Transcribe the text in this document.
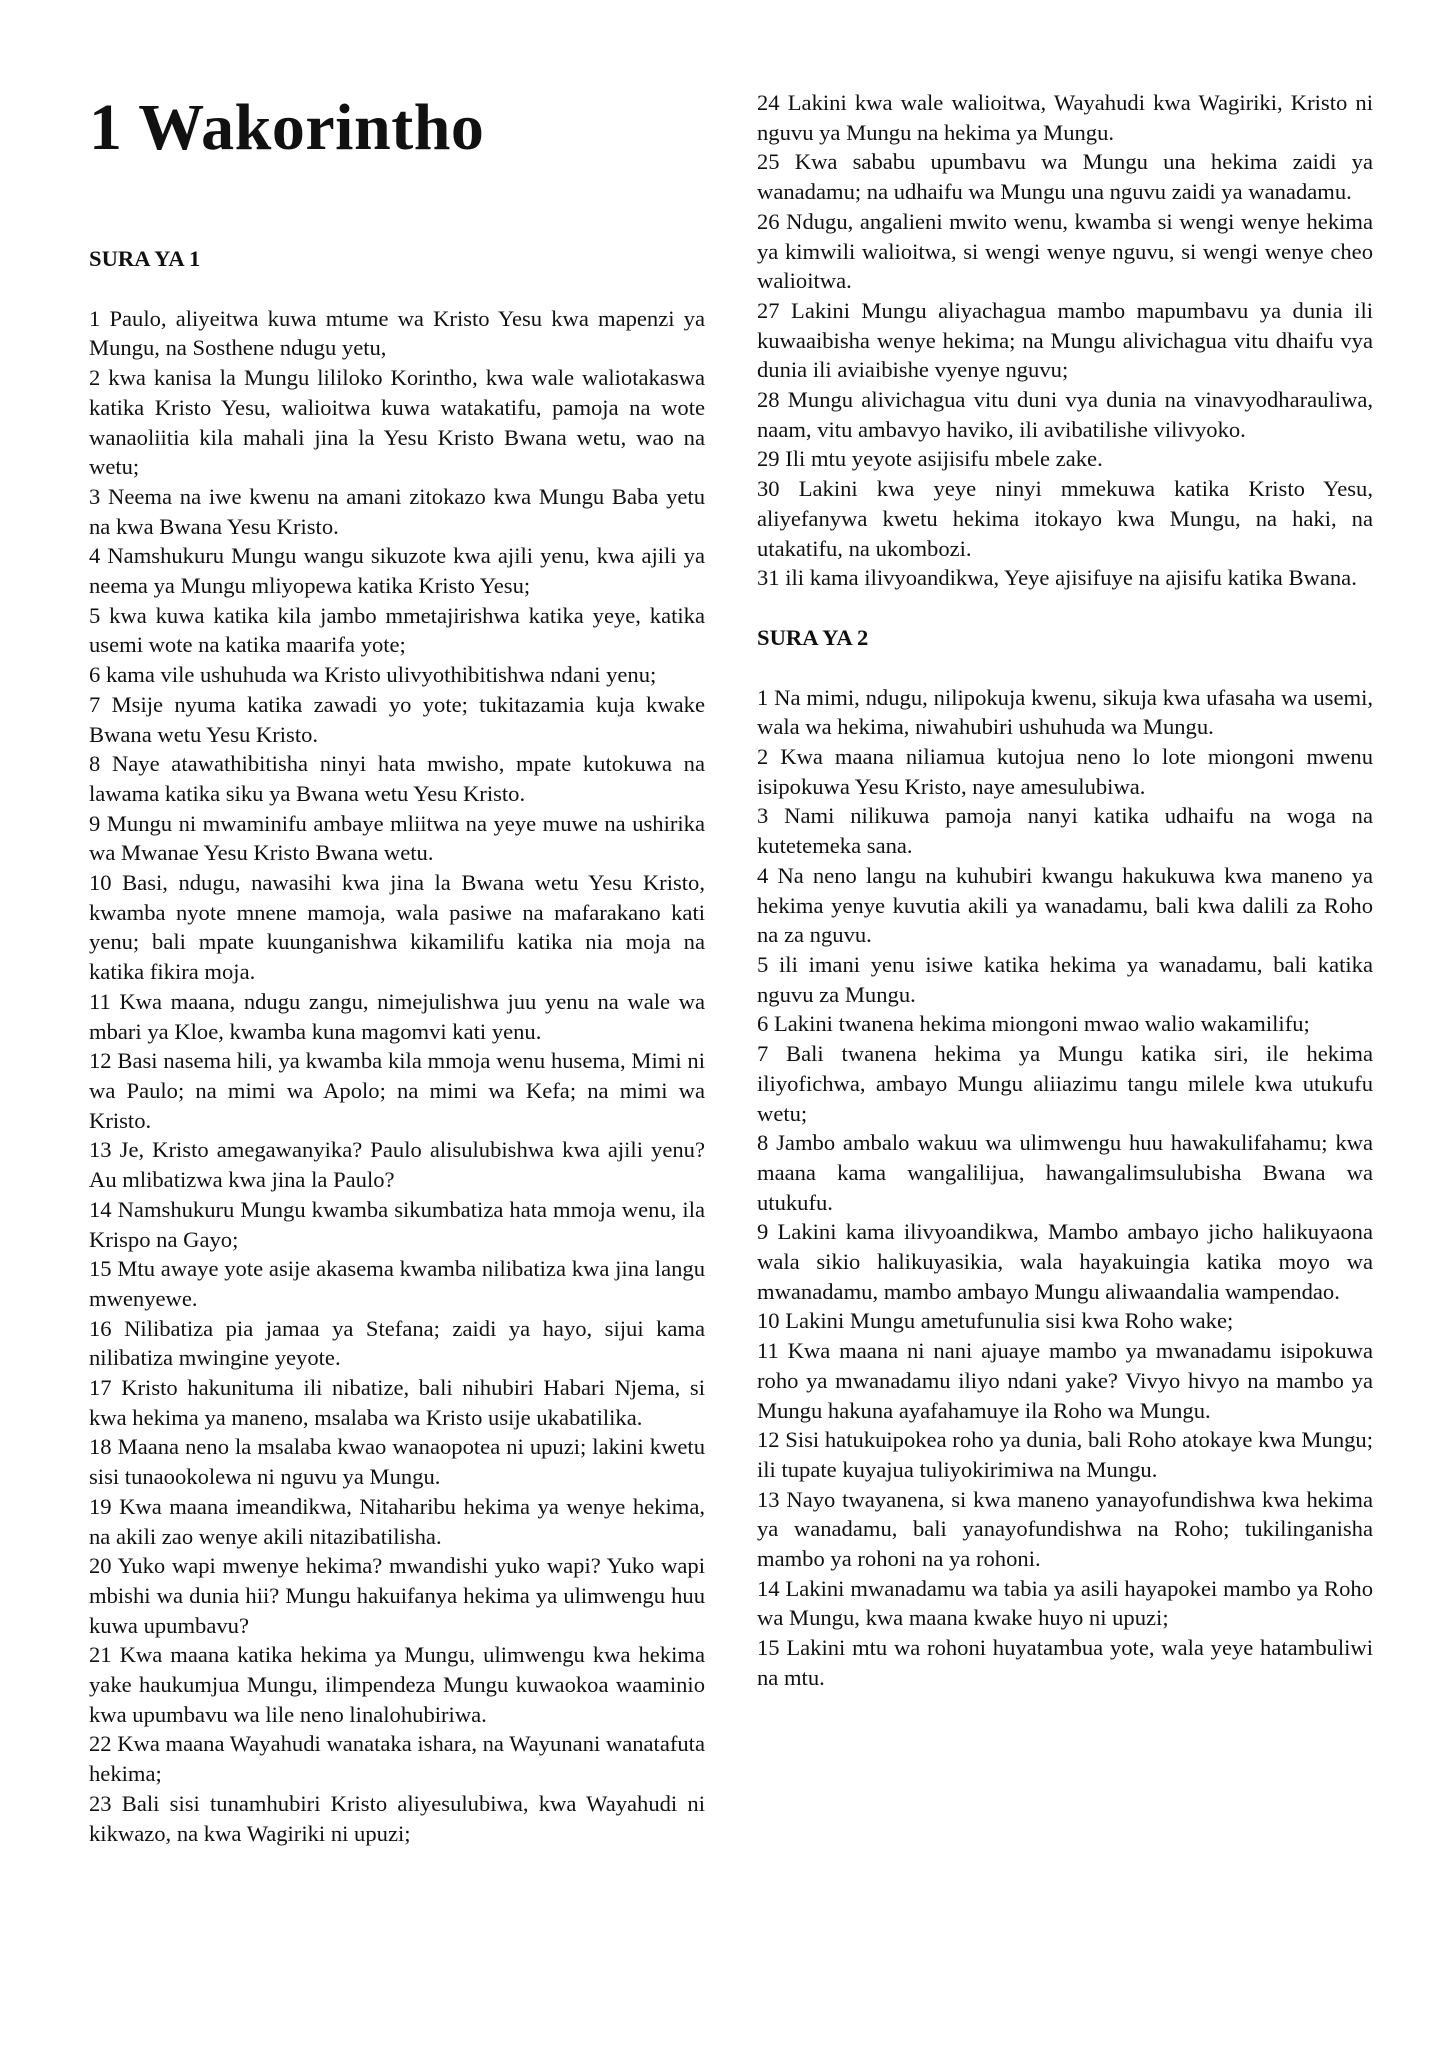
1 Wakorintho
SURA YA 1

1 Paulo, aliyeitwa kuwa mtume wa Kristo Yesu kwa mapenzi ya Mungu, na Sosthene ndugu yetu,

2 kwa kanisa la Mungu lililoko Korintho, kwa wale waliotakaswa katika Kristo Yesu, walioitwa kuwa watakatifu, pamoja na wote wanaoliitia kila mahali jina la Yesu Kristo Bwana wetu, wao na wetu;

3 Neema na iwe kwenu na amani zitokazo kwa Mungu Baba yetu na kwa Bwana Yesu Kristo.

4 Namshukuru Mungu wangu sikuzote kwa ajili yenu, kwa ajili ya neema ya Mungu mliyopewa katika Kristo Yesu;

5 kwa kuwa katika kila jambo mmetajirishwa katika yeye, katika usemi wote na katika maarifa yote;

6 kama vile ushuhuda wa Kristo ulivyothibitishwa ndani yenu;

7 Msije nyuma katika zawadi yo yote; tukitazamia kuja kwake Bwana wetu Yesu Kristo.

8 Naye atawathibitisha ninyi hata mwisho, mpate kutokuwa na lawama katika siku ya Bwana wetu Yesu Kristo.

9 Mungu ni mwaminifu ambaye mliitwa na yeye muwe na ushirika wa Mwanae Yesu Kristo Bwana wetu.

10 Basi, ndugu, nawasihi kwa jina la Bwana wetu Yesu Kristo, kwamba nyote mnene mamoja, wala pasiwe na mafarakano kati yenu; bali mpate kuunganishwa kikamilifu katika nia moja na katika fikira moja.

11 Kwa maana, ndugu zangu, nimejulishwa juu yenu na wale wa mbari ya Kloe, kwamba kuna magomvi kati yenu.

12 Basi nasema hili, ya kwamba kila mmoja wenu husema, Mimi ni wa Paulo; na mimi wa Apolo; na mimi wa Kefa; na mimi wa Kristo.

13 Je, Kristo amegawanyika? Paulo alisulubishwa kwa ajili yenu? Au mlibatizwa kwa jina la Paulo?

14 Namshukuru Mungu kwamba sikumbatiza hata mmoja wenu, ila Krispo na Gayo;

15 Mtu awaye yote asije akasema kwamba nilibatiza kwa jina langu mwenyewe.

16 Nilibatiza pia jamaa ya Stefana; zaidi ya hayo, sijui kama nilibatiza mwingine yeyote.

17 Kristo hakunituma ili nibatize, bali nihubiri Habari Njema, si kwa hekima ya maneno, msalaba wa Kristo usije ukabatilika.

18 Maana neno la msalaba kwao wanaopotea ni upuzi; lakini kwetu sisi tunaookolewa ni nguvu ya Mungu.

19 Kwa maana imeandikwa, Nitaharibu hekima ya wenye hekima, na akili zao wenye akili nitazibatilisha.

20 Yuko wapi mwenye hekima? mwandishi yuko wapi? Yuko wapi mbishi wa dunia hii? Mungu hakuifanya hekima ya ulimwengu huu kuwa upumbavu?

21 Kwa maana katika hekima ya Mungu, ulimwengu kwa hekima yake haukumjua Mungu, ilimpendeza Mungu kuwaokoa waaminio kwa upumbavu wa lile neno linalohubiriwa.

22 Kwa maana Wayahudi wanataka ishara, na Wayunani wanatafuta hekima;

23 Bali sisi tunamhubiri Kristo aliyesulubiwa, kwa Wayahudi ni kikwazo, na kwa Wagiriki ni upuzi;

24 Lakini kwa wale walioitwa, Wayahudi kwa Wagiriki, Kristo ni nguvu ya Mungu na hekima ya Mungu.

25 Kwa sababu upumbavu wa Mungu una hekima zaidi ya wanadamu; na udhaifu wa Mungu una nguvu zaidi ya wanadamu.

26 Ndugu, angalieni mwito wenu, kwamba si wengi wenye hekima ya kimwili walioitwa, si wengi wenye nguvu, si wengi wenye cheo walioitwa.

27 Lakini Mungu aliyachagua mambo mapumbavu ya dunia ili kuwaaibisha wenye hekima; na Mungu alivichagua vitu dhaifu vya dunia ili aviaibishe vyenye nguvu;

28 Mungu alivichagua vitu duni vya dunia na vinavyodharauliwa, naam, vitu ambavyo haviko, ili avibatilishe vilivyoko.

29 Ili mtu yeyote asijisifu mbele zake.

30 Lakini kwa yeye ninyi mmekuwa katika Kristo Yesu, aliyefanywa kwetu hekima itokayo kwa Mungu, na haki, na utakatifu, na ukombozi.

31 ili kama ilivyoandikwa, Yeye ajisifuye na ajisifu katika Bwana.

SURA YA 2

1 Na mimi, ndugu, nilipokuja kwenu, sikuja kwa ufasaha wa usemi, wala wa hekima, niwahubiri ushuhuda wa Mungu.

2 Kwa maana niliamua kutojua neno lo lote miongoni mwenu isipokuwa Yesu Kristo, naye amesulubiwa.

3 Nami nilikuwa pamoja nanyi katika udhaifu na woga na kutetemeka sana.

4 Na neno langu na kuhubiri kwangu hakukuwa kwa maneno ya hekima yenye kuvutia akili ya wanadamu, bali kwa dalili za Roho na za nguvu.

5 ili imani yenu isiwe katika hekima ya wanadamu, bali katika nguvu za Mungu.

6 Lakini twanena hekima miongoni mwao walio wakamilifu;

7 Bali twanena hekima ya Mungu katika siri, ile hekima iliyofichwa, ambayo Mungu aliiazimu tangu milele kwa utukufu wetu;

8 Jambo ambalo wakuu wa ulimwengu huu hawakulifahamu; kwa maana kama wangalilijua, hawangalimsulubisha Bwana wa utukufu.

9 Lakini kama ilivyoandikwa, Mambo ambayo jicho halikuyaona wala sikio halikuyasikia, wala hayakuingia katika moyo wa mwanadamu, mambo ambayo Mungu aliwaandalia wampendao.

10 Lakini Mungu ametufunulia sisi kwa Roho wake;

11 Kwa maana ni nani ajuaye mambo ya mwanadamu isipokuwa roho ya mwanadamu iliyo ndani yake? Vivyo hivyo na mambo ya Mungu hakuna ayafahamuye ila Roho wa Mungu.

12 Sisi hatukuipokea roho ya dunia, bali Roho atokaye kwa Mungu; ili tupate kuyajua tuliyokirimiwa na Mungu.

13 Nayo twayanena, si kwa maneno yanayofundishwa kwa hekima ya wanadamu, bali yanayofundishwa na Roho; tukilinganisha mambo ya rohoni na ya rohoni.

14 Lakini mwanadamu wa tabia ya asili hayapokei mambo ya Roho wa Mungu, kwa maana kwake huyo ni upuzi;

15 Lakini mtu wa rohoni huyatambua yote, wala yeye hatambuliwi na mtu.
